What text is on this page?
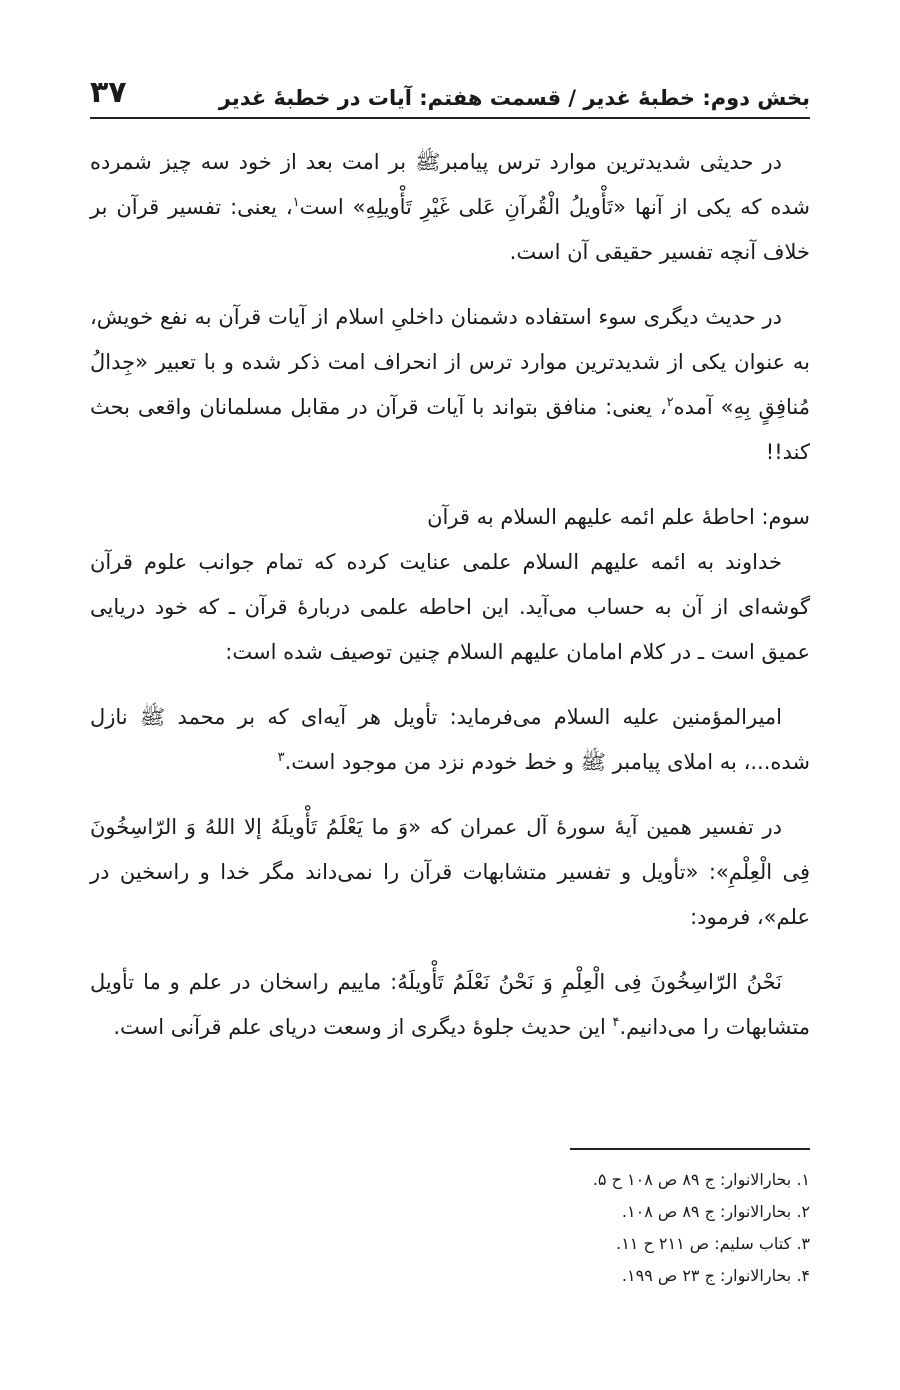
بخش دوم: خطبهٔ غدیر / قسمت هفتم: آیات در خطبهٔ غدیر
۳۷

در حدیثی شدیدترین موارد ترس پیامبرﷺ بر امت بعد از خود سه چیز شمرده شده که یکی از آنها «تَأْویلُ الْقُرآنِ عَلی غَیْرِ تَأْویلِهِ» است$^۱$، یعنی: تفسیر قرآن بر خلاف آنچه تفسیر حقیقی آن است.

در حدیث دیگری سوء استفاده دشمنان داخلیِ اسلام از آیات قرآن به نفع خویش، به عنوان یکی از شدیدترین موارد ترس از انحراف امت ذکر شده و با تعبیر «جِدالُ مُنافِقٍ بِهِ» آمده$^۲$، یعنی: منافق بتواند با آیات قرآن در مقابل مسلمانان واقعی بحث کند!!

سوم: احاطهٔ علم ائمه علیهم السلام به قرآن

خداوند به ائمه علیهم السلام علمی عنایت کرده که تمام جوانب علوم قرآن گوشه‌ای از آن به حساب می‌آید. این احاطه علمی دربارهٔ قرآن ـ که خود دریایی عمیق است ـ در کلام امامان علیهم السلام چنین توصیف شده است:

امیرالمؤمنین علیه السلام می‌فرماید: تأویل هر آیه‌ای که بر محمد ﷺ نازل شده...، به املای پیامبر ﷺ و خط خودم نزد من موجود است.$^۳$

در تفسیر همین آیهٔ سورهٔ آل عمران که «وَ ما یَعْلَمُ تَأْویلَهُ إلا اللهُ وَ الرّاسِخُونَ فِی الْعِلْمِ»: «تأویل و تفسیر متشابهات قرآن را نمی‌داند مگر خدا و راسخین در علم»، فرمود:

نَحْنُ الرّاسِخُونَ فِی الْعِلْمِ وَ نَحْنُ نَعْلَمُ تَأْویلَهُ: ماییم راسخان در علم و ما تأویل متشابهات را می‌دانیم.$^۴$ این حدیث جلوهٔ دیگری از وسعت دریای علم قرآنی است.

۱. بحارالانوار: ج ۸۹ ص ۱۰۸ ح ۵.
۲. بحارالانوار: ج ۸۹ ص ۱۰۸.
۳. کتاب سلیم: ص ۲۱۱ ح ۱۱.
۴. بحارالانوار: ج ۲۳ ص ۱۹۹.
